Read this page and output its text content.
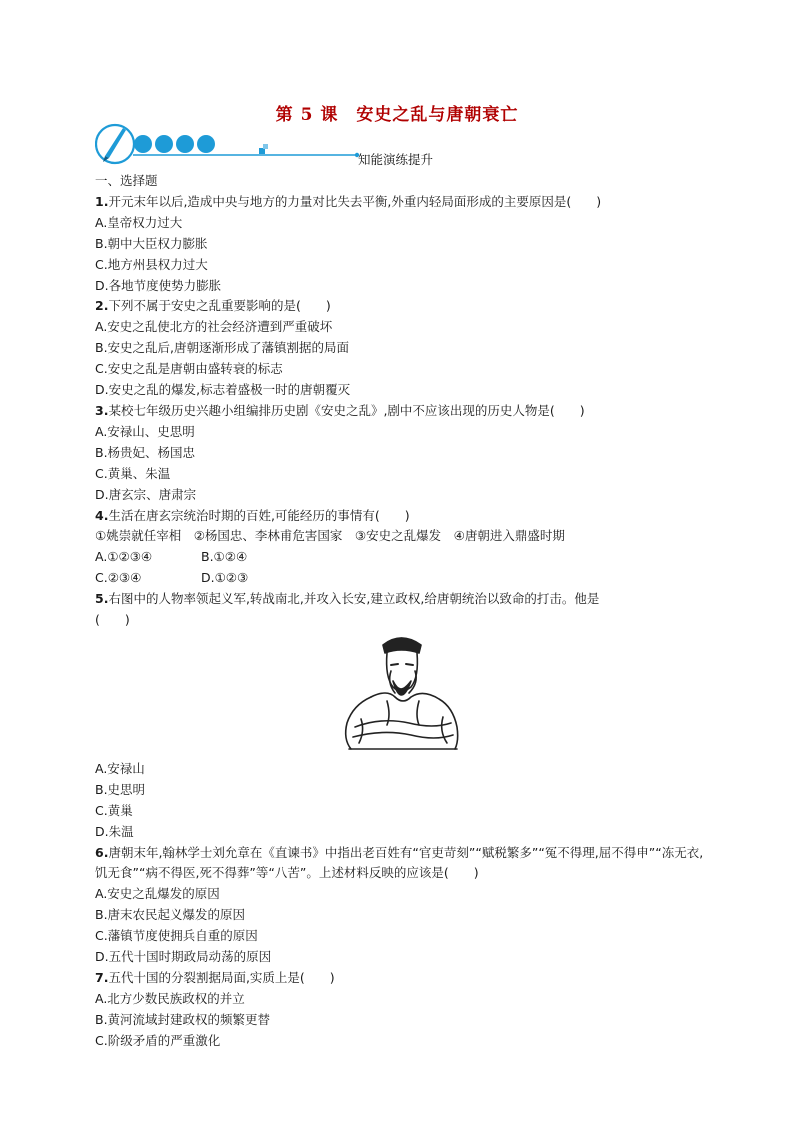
第 5 课　安史之乱与唐朝衰亡
知能演练提升
一、选择题
1.开元末年以后,造成中央与地方的力量对比失去平衡,外重内轻局面形成的主要原因是(　　)
A.皇帝权力过大
B.朝中大臣权力膨胀
C.地方州县权力过大
D.各地节度使势力膨胀
2.下列不属于安史之乱重要影响的是(　　)
A.安史之乱使北方的社会经济遭到严重破坏
B.安史之乱后,唐朝逐渐形成了藩镇割据的局面
C.安史之乱是唐朝由盛转衰的标志
D.安史之乱的爆发,标志着盛极一时的唐朝覆灭
3.某校七年级历史兴趣小组编排历史剧《安史之乱》,剧中不应该出现的历史人物是(　　)
A.安禄山、史思明
B.杨贵妃、杨国忠
C.黄巢、朱温
D.唐玄宗、唐肃宗
4.生活在唐玄宗统治时期的百姓,可能经历的事情有(　　)
①姚崇就任宰相　②杨国忠、李林甫危害国家　③安史之乱爆发　④唐朝进入鼎盛时期
A.①②③④	B.①②④
C.②③④	D.①②③
5.右图中的人物率领起义军,转战南北,并攻入长安,建立政权,给唐朝统治以致命的打击。他是
(　　)
A.安禄山
B.史思明
C.黄巢
D.朱温
6.唐朝末年,翰林学士刘允章在《直谏书》中指出老百姓有“官吏苛刻”“赋税繁多”“冤不得理,屈不得申”“冻无衣,饥无食”“病不得医,死不得葬”等“八苦”。上述材料反映的应该是(　　)
A.安史之乱爆发的原因
B.唐末农民起义爆发的原因
C.藩镇节度使拥兵自重的原因
D.五代十国时期政局动荡的原因
7.五代十国的分裂割据局面,实质上是(　　)
A.北方少数民族政权的并立
B.黄河流域封建政权的频繁更替
C.阶级矛盾的严重激化
